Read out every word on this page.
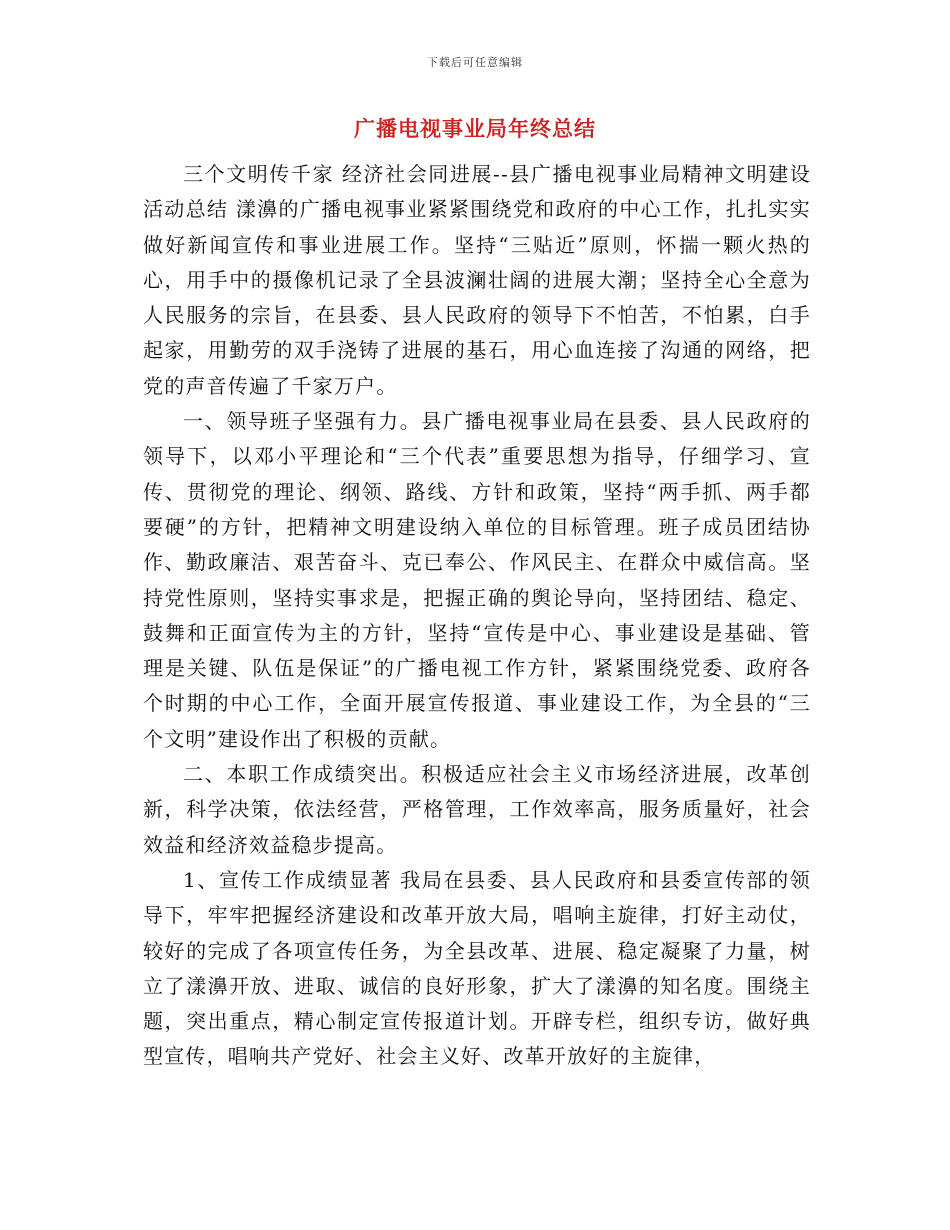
下载后可任意编辑
广播电视事业局年终总结

三个文明传千家 经济社会同进展--县广播电视事业局精神文明建设活动总结 漾濞的广播电视事业紧紧围绕党和政府的中心工作，扎扎实实做好新闻宣传和事业进展工作。坚持“三贴近”原则，怀揣一颗火热的心，用手中的摄像机记录了全县波澜壮阔的进展大潮；坚持全心全意为人民服务的宗旨，在县委、县人民政府的领导下不怕苦，不怕累，白手起家，用勤劳的双手浇铸了进展的基石，用心血连接了沟通的网络，把党的声音传遍了千家万户。

一、领导班子坚强有力。县广播电视事业局在县委、县人民政府的领导下，以邓小平理论和“三个代表”重要思想为指导，仔细学习、宣传、贯彻党的理论、纲领、路线、方针和政策，坚持“两手抓、两手都要硬”的方针，把精神文明建设纳入单位的目标管理。班子成员团结协作、勤政廉洁、艰苦奋斗、克已奉公、作风民主、在群众中威信高。坚持党性原则，坚持实事求是，把握正确的舆论导向，坚持团结、稳定、鼓舞和正面宣传为主的方针，坚持“宣传是中心、事业建设是基础、管理是关键、队伍是保证”的广播电视工作方针，紧紧围绕党委、政府各个时期的中心工作，全面开展宣传报道、事业建设工作，为全县的“三个文明”建设作出了积极的贡献。

二、本职工作成绩突出。积极适应社会主义市场经济进展，改革创新，科学决策，依法经营，严格管理，工作效率高，服务质量好，社会效益和经济效益稳步提高。

1、宣传工作成绩显著 我局在县委、县人民政府和县委宣传部的领导下，牢牢把握经济建设和改革开放大局，唱响主旋律，打好主动仗，较好的完成了各项宣传任务，为全县改革、进展、稳定凝聚了力量，树立了漾濞开放、进取、诚信的良好形象，扩大了漾濞的知名度。围绕主题，突出重点，精心制定宣传报道计划。开辟专栏，组织专访，做好典型宣传，唱响共产党好、社会主义好、改革开放好的主旋律，
